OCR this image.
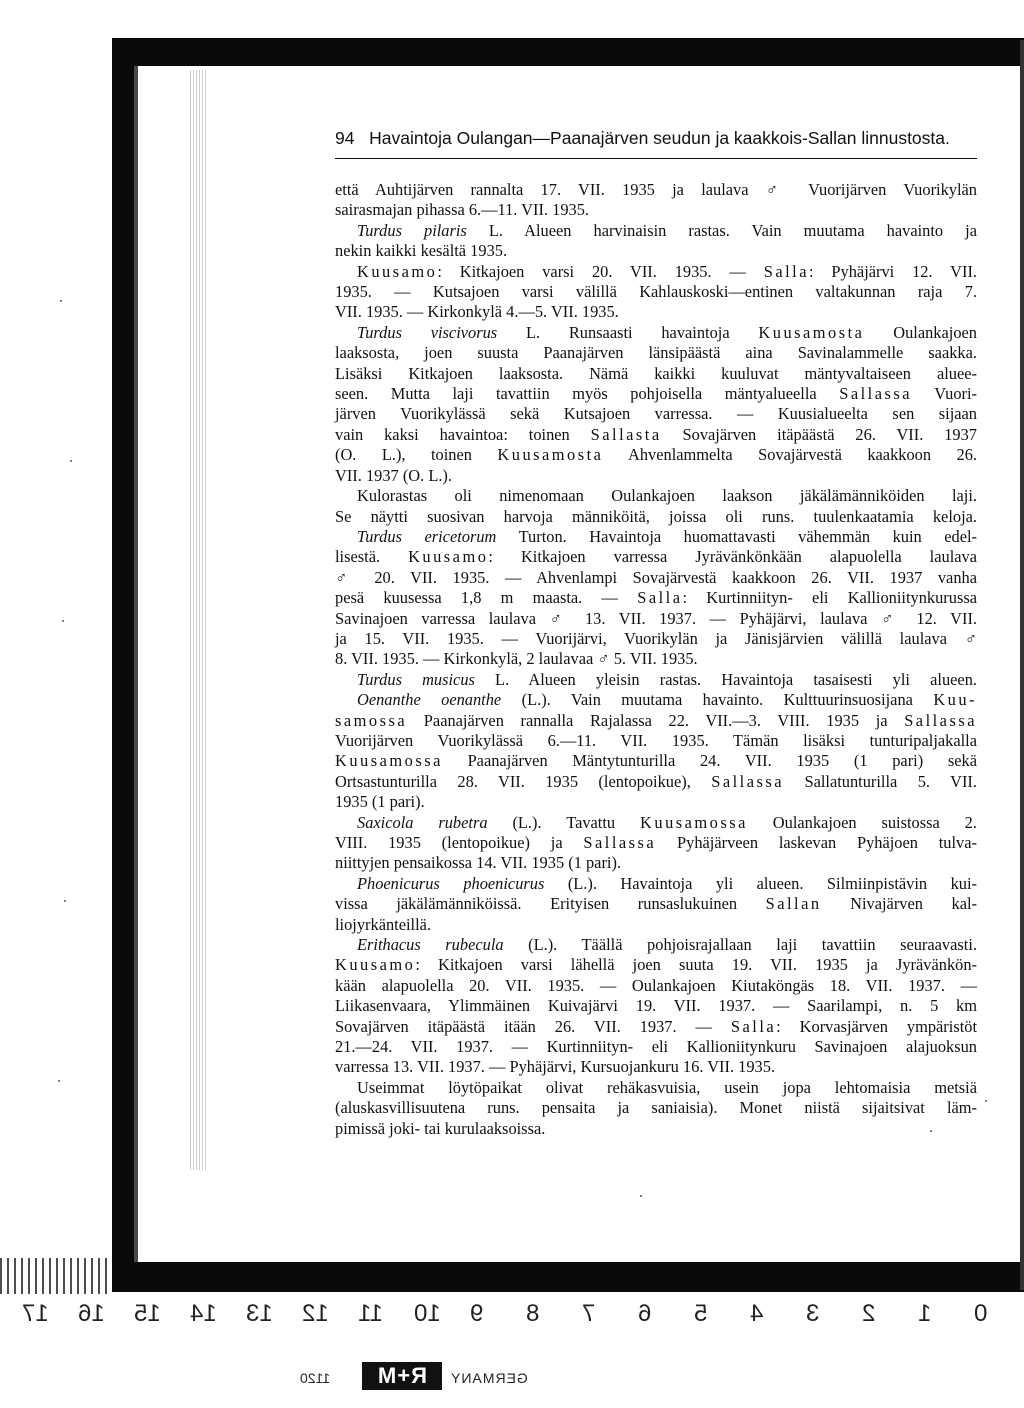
17 16 15 14 13 12 11 10 9 8 7 6 5 4 3 2 1 0
1120	R+M	GERMANY
94 Havaintoja Oulangan—Paanajärven seudun ja kaakkois-Sallan linnustosta.

että Auhtijärven rannalta 17. VII. 1935 ja laulava ♂ Vuorijärven Vuorikylän

sairasmajan pihassa 6.—11. VII. 1935.

Turdus pilaris L. Alueen harvinaisin rastas. Vain muutama havainto ja

nekin kaikki kesältä 1935.

Kuusamo: Kitkajoen varsi 20. VII. 1935. — Salla: Pyhäjärvi 12. VII.

1935. — Kutsajoen varsi välillä Kahlauskoski—entinen valtakunnan raja 7.

VII. 1935. — Kirkonkylä 4.—5. VII. 1935.

Turdus viscivorus L. Runsaasti havaintoja Kuusamosta Oulankajoen

laaksosta, joen suusta Paanajärven länsipäästä aina Savinalammelle saakka.

Lisäksi Kitkajoen laaksosta. Nämä kaikki kuuluvat mäntyvaltaiseen aluee-

seen. Mutta laji tavattiin myös pohjoisella mäntyalueella Sallassa Vuori-

järven Vuorikylässä sekä Kutsajoen varressa. — Kuusialueelta sen sijaan

vain kaksi havaintoa: toinen Sallasta Sovajärven itäpäästä 26. VII. 1937

(O. L.), toinen Kuusamosta Ahvenlammelta Sovajärvestä kaakkoon 26.

VII. 1937 (O. L.).

Kulorastas oli nimenomaan Oulankajoen laakson jäkälämänniköiden laji.

Se näytti suosivan harvoja männiköitä, joissa oli runs. tuulenkaatamia keloja.

Turdus ericetorum Turton. Havaintoja huomattavasti vähemmän kuin edel-

lisestä. Kuusamo: Kitkajoen varressa Jyrävänkönkään alapuolella laulava

♂ 20. VII. 1935. — Ahvenlampi Sovajärvestä kaakkoon 26. VII. 1937 vanha

pesä kuusessa 1,8 m maasta. — Salla: Kurtinniityn- eli Kallioniitynkurussa

Savinajoen varressa laulava ♂ 13. VII. 1937. — Pyhäjärvi, laulava ♂ 12. VII.

ja 15. VII. 1935. — Vuorijärvi, Vuorikylän ja Jänisjärvien välillä laulava ♂

8. VII. 1935. — Kirkonkylä, 2 laulavaa ♂ 5. VII. 1935.

Turdus musicus L. Alueen yleisin rastas. Havaintoja tasaisesti yli alueen.

Oenanthe oenanthe (L.). Vain muutama havainto. Kulttuurinsuosijana Kuu-

samossa Paanajärven rannalla Rajalassa 22. VII.—3. VIII. 1935 ja Sallassa

Vuorijärven Vuorikylässä 6.—11. VII. 1935. Tämän lisäksi tunturipaljakalla

Kuusamossa Paanajärven Mäntytunturilla 24. VII. 1935 (1 pari) sekä

Ortsastunturilla 28. VII. 1935 (lentopoikue), Sallassa Sallatunturilla 5. VII.

1935 (1 pari).

Saxicola rubetra (L.). Tavattu Kuusamossa Oulankajoen suistossa 2.

VIII. 1935 (lentopoikue) ja Sallassa Pyhäjärveen laskevan Pyhäjoen tulva-

niittyjen pensaikossa 14. VII. 1935 (1 pari).

Phoenicurus phoenicurus (L.). Havaintoja yli alueen. Silmiinpistävin kui-

vissa jäkälämänniköissä. Erityisen runsaslukuinen Sallan Nivajärven kal-

liojyrkänteillä.

Erithacus rubecula (L.). Täällä pohjoisrajallaan laji tavattiin seuraavasti.

Kuusamo: Kitkajoen varsi lähellä joen suuta 19. VII. 1935 ja Jyrävänkön-

kään alapuolella 20. VII. 1935. — Oulankajoen Kiutaköngäs 18. VII. 1937. —

Liikasenvaara, Ylimmäinen Kuivajärvi 19. VII. 1937. — Saarilampi, n. 5 km

Sovajärven itäpäästä itään 26. VII. 1937. — Salla: Korvasjärven ympäristöt

21.—24. VII. 1937. — Kurtinniityn- eli Kallioniitynkuru Savinajoen alajuoksun

varressa 13. VII. 1937. — Pyhäjärvi, Kursuojankuru 16. VII. 1935.

Useimmat löytöpaikat olivat rehäkasvuisia, usein jopa lehtomaisia metsiä

(aluskasvillisuutena runs. pensaita ja saniaisia). Monet niistä sijaitsivat läm-

pimissä joki- tai kurulaaksoissa.
